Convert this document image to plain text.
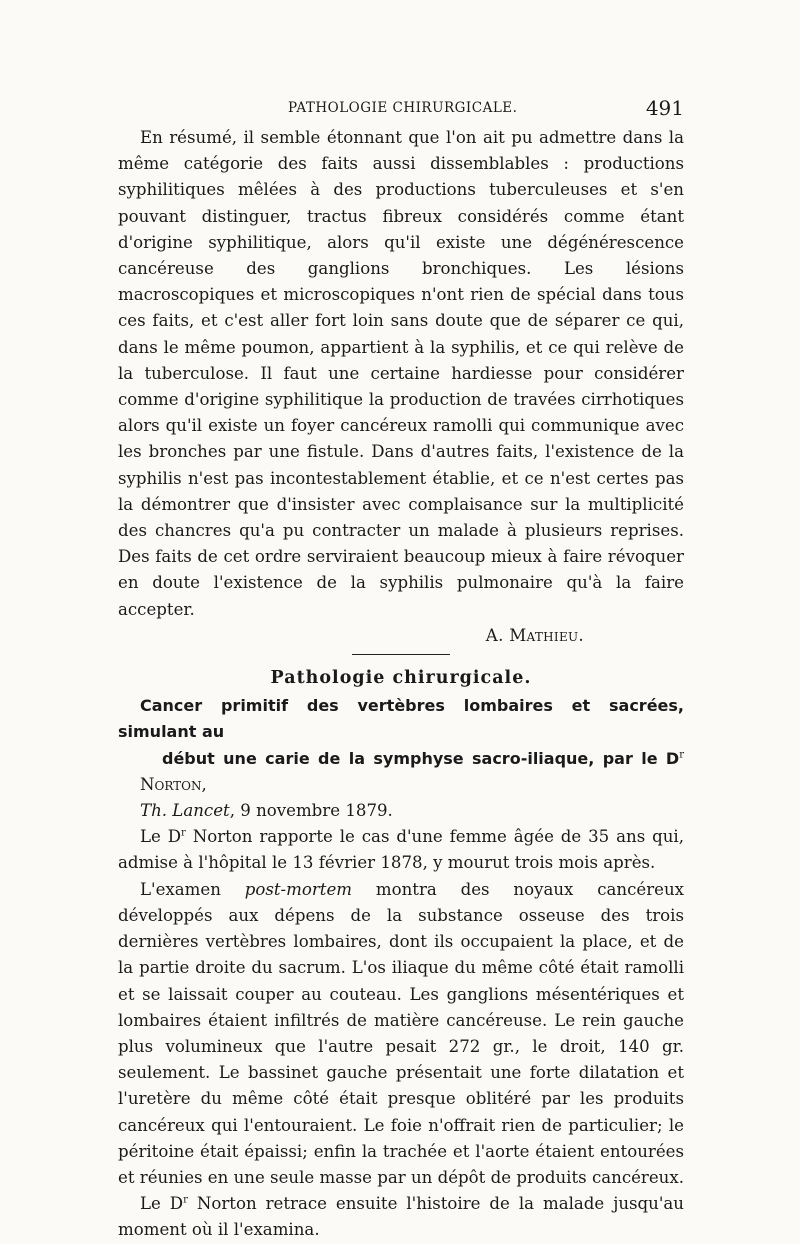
PATHOLOGIE CHIRURGICALE.	491

En résumé, il semble étonnant que l'on ait pu admettre dans la même catégorie des faits aussi dissemblables : productions syphilitiques mêlées à des productions tuberculeuses et s'en pouvant distinguer, tractus fibreux considérés comme étant d'origine syphilitique, alors qu'il existe une dégénérescence cancéreuse des ganglions bronchiques. Les lésions macroscopiques et microscopiques n'ont rien de spécial dans tous ces faits, et c'est aller fort loin sans doute que de séparer ce qui, dans le même poumon, appartient à la syphilis, et ce qui relève de la tuberculose. Il faut une certaine hardiesse pour considérer comme d'origine syphilitique la production de travées cirrhotiques alors qu'il existe un foyer cancéreux ramolli qui communique avec les bronches par une fistule. Dans d'autres faits, l'existence de la syphilis n'est pas incontestablement établie, et ce n'est certes pas la démontrer que d'insister avec complaisance sur la multiplicité des chancres qu'a pu contracter un malade à plusieurs reprises. Des faits de cet ordre serviraient beaucoup mieux à faire révoquer en doute l'existence de la syphilis pulmonaire qu'à la faire accepter.

A. Mathieu.

Pathologie chirurgicale.

Cancer primitif des vertèbres lombaires et sacrées, simulant au
début une carie de la symphyse sacro-iliaque, par le $D^r$ Norton,
Th. Lancet, 9 novembre 1879.

Le $D^r$ Norton rapporte le cas d'une femme âgée de 35 ans qui, admise à l'hôpital le 13 février 1878, y mourut trois mois après.

L'examen post-mortem montra des noyaux cancéreux développés aux dépens de la substance osseuse des trois dernières vertèbres lombaires, dont ils occupaient la place, et de la partie droite du sacrum. L'os iliaque du même côté était ramolli et se laissait couper au couteau. Les ganglions mésentériques et lombaires étaient infiltrés de matière cancéreuse. Le rein gauche plus volumineux que l'autre pesait 272 gr., le droit, 140 gr. seulement. Le bassinet gauche présentait une forte dilatation et l'uretère du même côté était presque oblitéré par les produits cancéreux qui l'entouraient. Le foie n'offrait rien de particulier; le péritoine était épaissi; enfin la trachée et l'aorte étaient entourées et réunies en une seule masse par un dépôt de produits cancéreux.

Le $D^r$ Norton retrace ensuite l'histoire de la malade jusqu'au moment où il l'examina.
